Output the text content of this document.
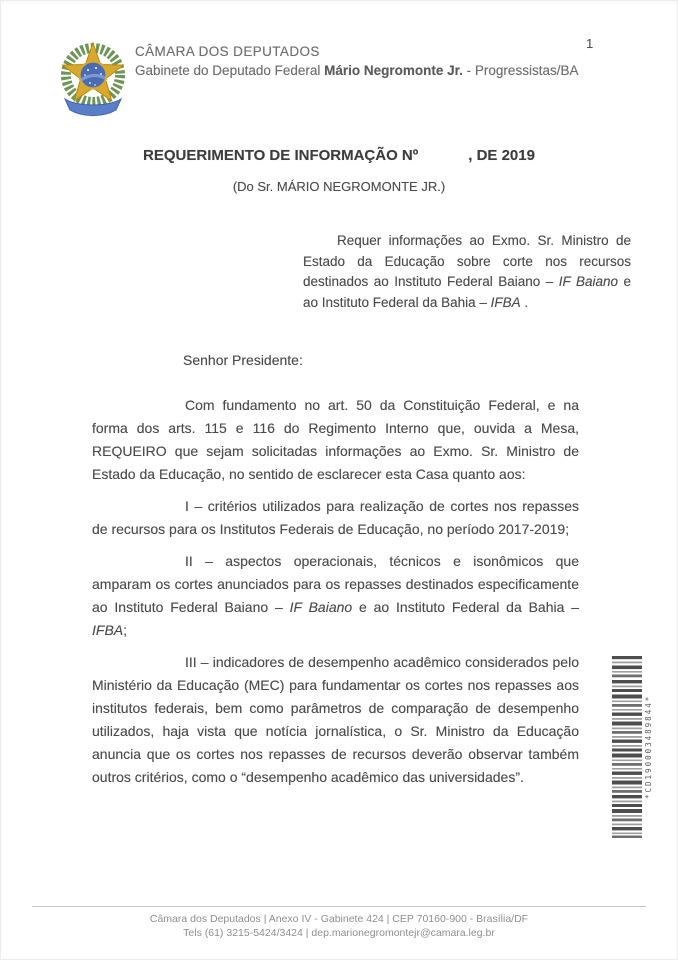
1
CÂMARA DOS DEPUTADOS
Gabinete do Deputado Federal Mário Negromonte Jr. - Progressistas/BA
REQUERIMENTO DE INFORMAÇÃO Nº	, DE 2019
(Do Sr. MÁRIO NEGROMONTE JR.)
Requer informações ao Exmo. Sr. Ministro de Estado da Educação sobre corte nos recursos destinados ao Instituto Federal Baiano – IF Baiano e ao Instituto Federal da Bahia – IFBA .
Senhor Presidente:

Com fundamento no art. 50 da Constituição Federal, e na forma dos arts. 115 e 116 do Regimento Interno que, ouvida a Mesa, REQUEIRO que sejam solicitadas informações ao Exmo. Sr. Ministro de Estado da Educação, no sentido de esclarecer esta Casa quanto aos:

I – critérios utilizados para realização de cortes nos repasses de recursos para os Institutos Federais de Educação, no período 2017-2019;

II – aspectos operacionais, técnicos e isonômicos que amparam os cortes anunciados para os repasses destinados especificamente ao Instituto Federal Baiano – IF Baiano e ao Instituto Federal da Bahia – IFBA;

III – indicadores de desempenho acadêmico considerados pelo Ministério da Educação (MEC) para fundamentar os cortes nos repasses aos institutos federais, bem como parâmetros de comparação de desempenho utilizados, haja vista que notícia jornalística, o Sr. Ministro da Educação anuncia que os cortes nos repasses de recursos deverão observar também outros critérios, como o “desempenho acadêmico das universidades”.	*CD190003489844*
Câmara dos Deputados | Anexo IV - Gabinete 424 | CEP 70160-900 - Brasília/DF
Tels (61) 3215-5424/3424 | dep.marionegromontejr@camara.leg.br
